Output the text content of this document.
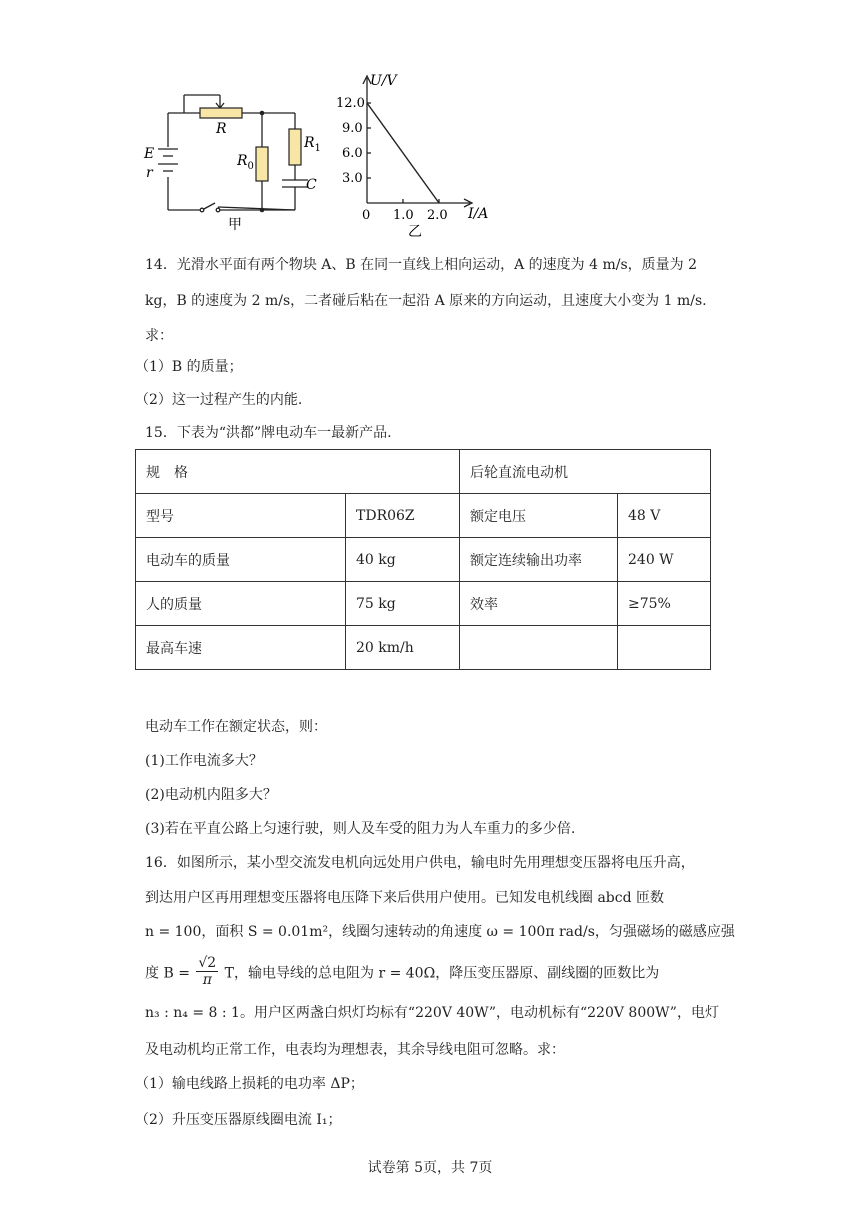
R
E
r
$R_0$
$R_1$
C
甲
U/V
12.0
9.0
6.0
3.0
0 1.0 2.0 I/A
乙
14．光滑水平面有两个物块 A、B 在同一直线上相向运动，A 的速度为 4 m/s，质量为 2
kg，B 的速度为 2 m/s，二者碰后粘在一起沿 A 原来的方向运动，且速度大小变为 1 m/s.
求：
（1）B 的质量；
（2）这一过程产生的内能.
15．下表为“洪都”牌电动车一最新产品.
规　格		后轮直流电动机	
型号	TDR06Z	额定电压	48 V
电动车的质量	40 kg	额定连续输出功率	240 W
人的质量	75 kg	效率	≥75%
最高车速	20 km/h		
电动车工作在额定状态，则：
(1)工作电流多大？
(2)电动机内阻多大？
(3)若在平直公路上匀速行驶，则人及车受的阻力为人车重力的多少倍.
16．如图所示，某小型交流发电机向远处用户供电，输电时先用理想变压器将电压升高，
到达用户区再用理想变压器将电压降下来后供用户使用。已知发电机线圈 abcd 匝数
n = 100，面积 S = 0.01m²，线圈匀速转动的角速度 ω = 100π rad/s，匀强磁场的磁感应强
度 $B = \frac{√2}{\pi}$ T，输电导线的总电阻为 r = 40Ω，降压变压器原、副线圈的匝数比为
n₃ : n₄ = 8 : 1。用户区两盏白炽灯均标有“220V 40W”，电动机标有“220V 800W”，电灯
及电动机均正常工作，电表均为理想表，其余导线电阻可忽略。求：
（1）输电线路上损耗的电功率 ΔP；
（2）升压变压器原线圈电流 I₁；
试卷第 5页，共 7页
